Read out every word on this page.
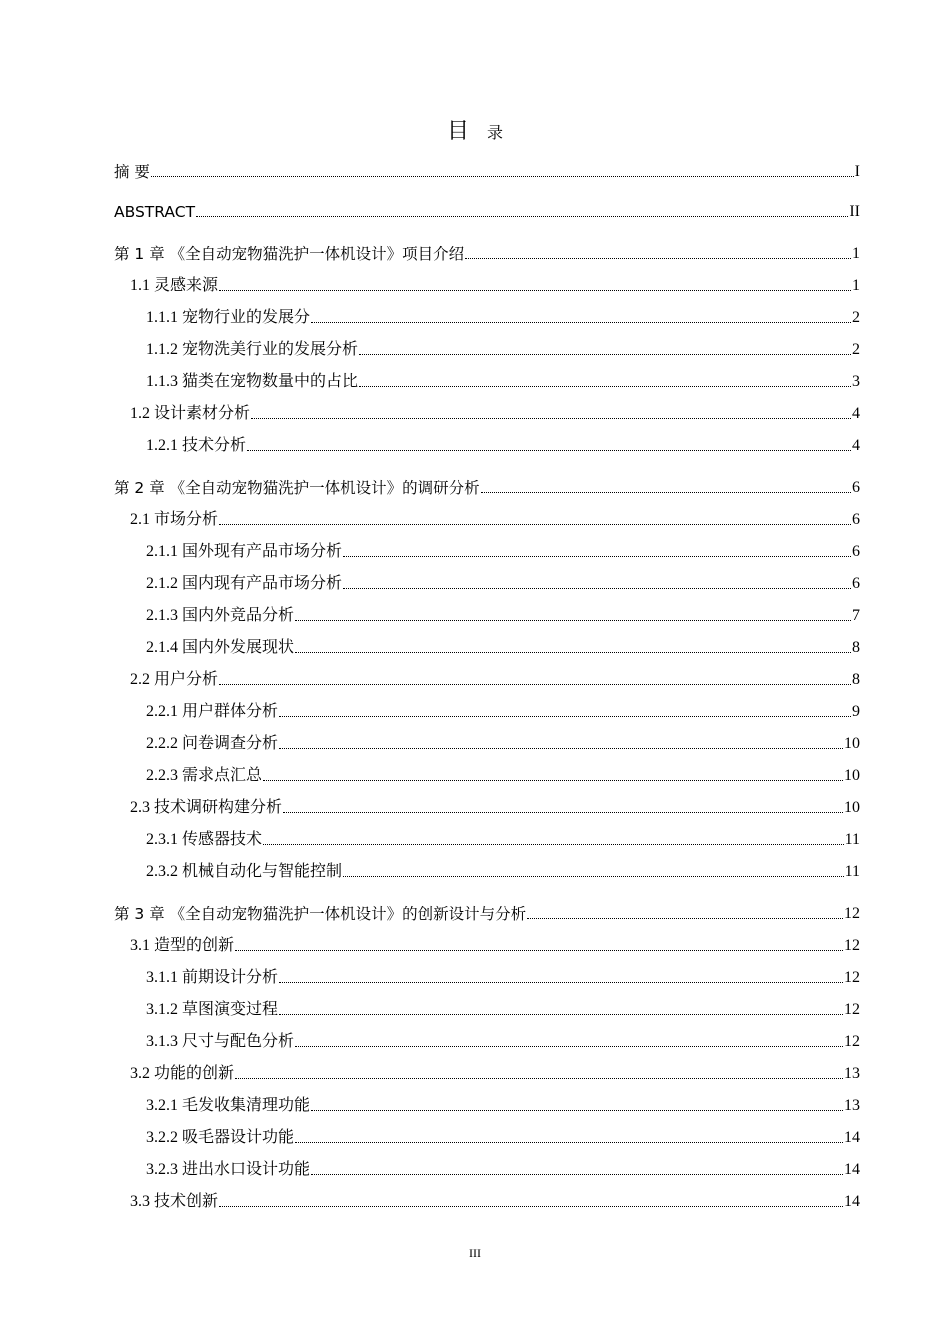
目 录
摘 要	I
ABSTRACT	II
第 1 章 《全自动宠物猫洗护一体机设计》项目介绍	1
1.1 灵感来源	1
1.1.1 宠物行业的发展分	2
1.1.2 宠物洗美行业的发展分析	2
1.1.3 猫类在宠物数量中的占比	3
1.2 设计素材分析	4
1.2.1 技术分析	4
第 2 章 《全自动宠物猫洗护一体机设计》的调研分析	6
2.1 市场分析	6
2.1.1 国外现有产品市场分析	6
2.1.2 国内现有产品市场分析	6
2.1.3 国内外竞品分析	7
2.1.4 国内外发展现状	8
2.2 用户分析	8
2.2.1 用户群体分析	9
2.2.2 问卷调查分析	10
2.2.3 需求点汇总	10
2.3 技术调研构建分析	10
2.3.1 传感器技术	11
2.3.2 机械自动化与智能控制	11
第 3 章 《全自动宠物猫洗护一体机设计》的创新设计与分析	12
3.1 造型的创新	12
3.1.1 前期设计分析	12
3.1.2 草图演变过程	12
3.1.3 尺寸与配色分析	12
3.2 功能的创新	13
3.2.1 毛发收集清理功能	13
3.2.2 吸毛器设计功能	14
3.2.3 进出水口设计功能	14
3.3 技术创新	14
III
